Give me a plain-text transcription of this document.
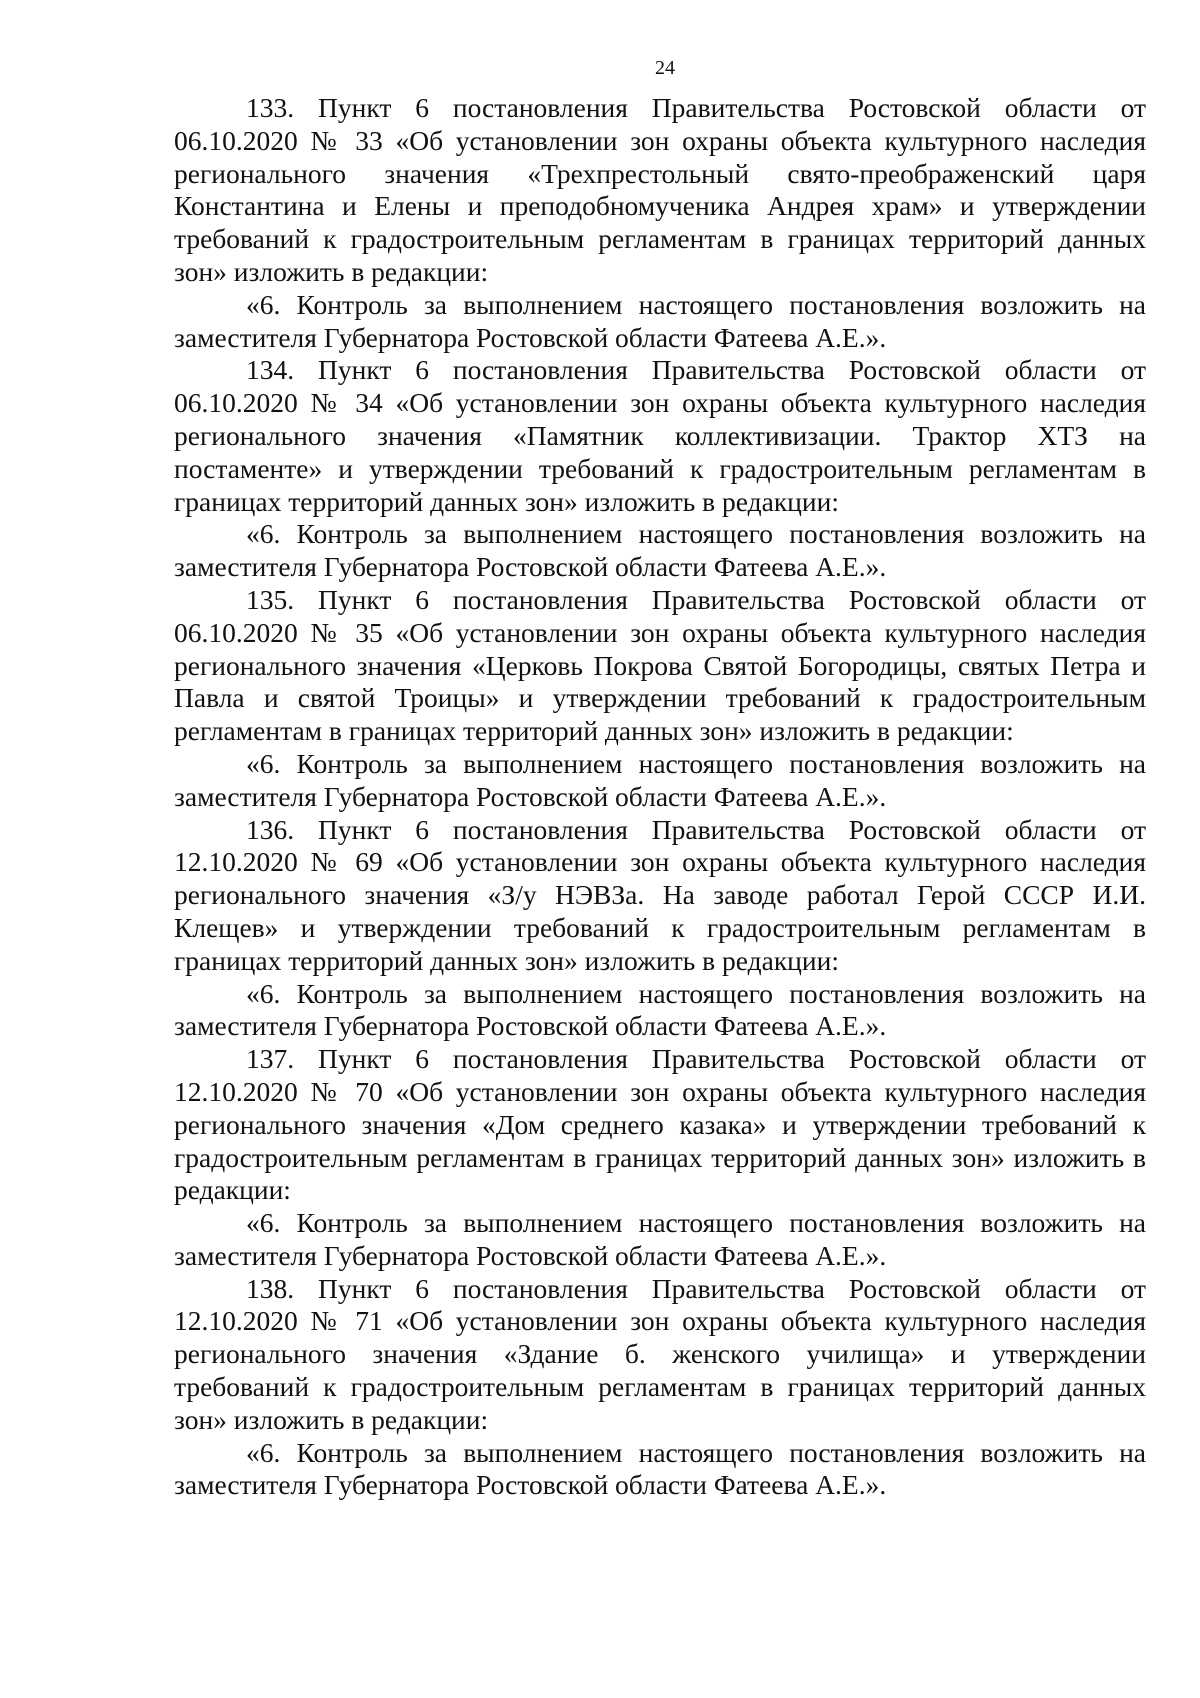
24

133. Пункт 6 постановления Правительства Ростовской области от 06.10.2020 № 33 «Об установлении зон охраны объекта культурного наследия регионального значения «Трехпрестольный свято-преображенский царя Константина и Елены и преподобномученика Андрея храм» и утверждении требований к градостроительным регламентам в границах территорий данных зон» изложить в редакции:

«6. Контроль за выполнением настоящего постановления возложить на заместителя Губернатора Ростовской области Фатеева А.Е.».

134. Пункт 6 постановления Правительства Ростовской области от 06.10.2020 № 34 «Об установлении зон охраны объекта культурного наследия регионального значения «Памятник коллективизации. Трактор ХТЗ на постаменте» и утверждении требований к градостроительным регламентам в границах территорий данных зон» изложить в редакции:

«6. Контроль за выполнением настоящего постановления возложить на заместителя Губернатора Ростовской области Фатеева А.Е.».

135. Пункт 6 постановления Правительства Ростовской области от 06.10.2020 № 35 «Об установлении зон охраны объекта культурного наследия регионального значения «Церковь Покрова Святой Богородицы, святых Петра и Павла и святой Троицы» и утверждении требований к градостроительным регламентам в границах территорий данных зон» изложить в редакции:

«6. Контроль за выполнением настоящего постановления возложить на заместителя Губернатора Ростовской области Фатеева А.Е.».

136. Пункт 6 постановления Правительства Ростовской области от 12.10.2020 № 69 «Об установлении зон охраны объекта культурного наследия регионального значения «З/у НЭВЗа. На заводе работал Герой СССР И.И. Клещев» и утверждении требований к градостроительным регламентам в границах территорий данных зон» изложить в редакции:

«6. Контроль за выполнением настоящего постановления возложить на заместителя Губернатора Ростовской области Фатеева А.Е.».

137. Пункт 6 постановления Правительства Ростовской области от 12.10.2020 № 70 «Об установлении зон охраны объекта культурного наследия регионального значения «Дом среднего казака» и утверждении требований к градостроительным регламентам в границах территорий данных зон» изложить в редакции:

«6. Контроль за выполнением настоящего постановления возложить на заместителя Губернатора Ростовской области Фатеева А.Е.».

138. Пункт 6 постановления Правительства Ростовской области от 12.10.2020 № 71 «Об установлении зон охраны объекта культурного наследия регионального значения «Здание б. женского училища» и утверждении требований к градостроительным регламентам в границах территорий данных зон» изложить в редакции:

«6. Контроль за выполнением настоящего постановления возложить на заместителя Губернатора Ростовской области Фатеева А.Е.».
